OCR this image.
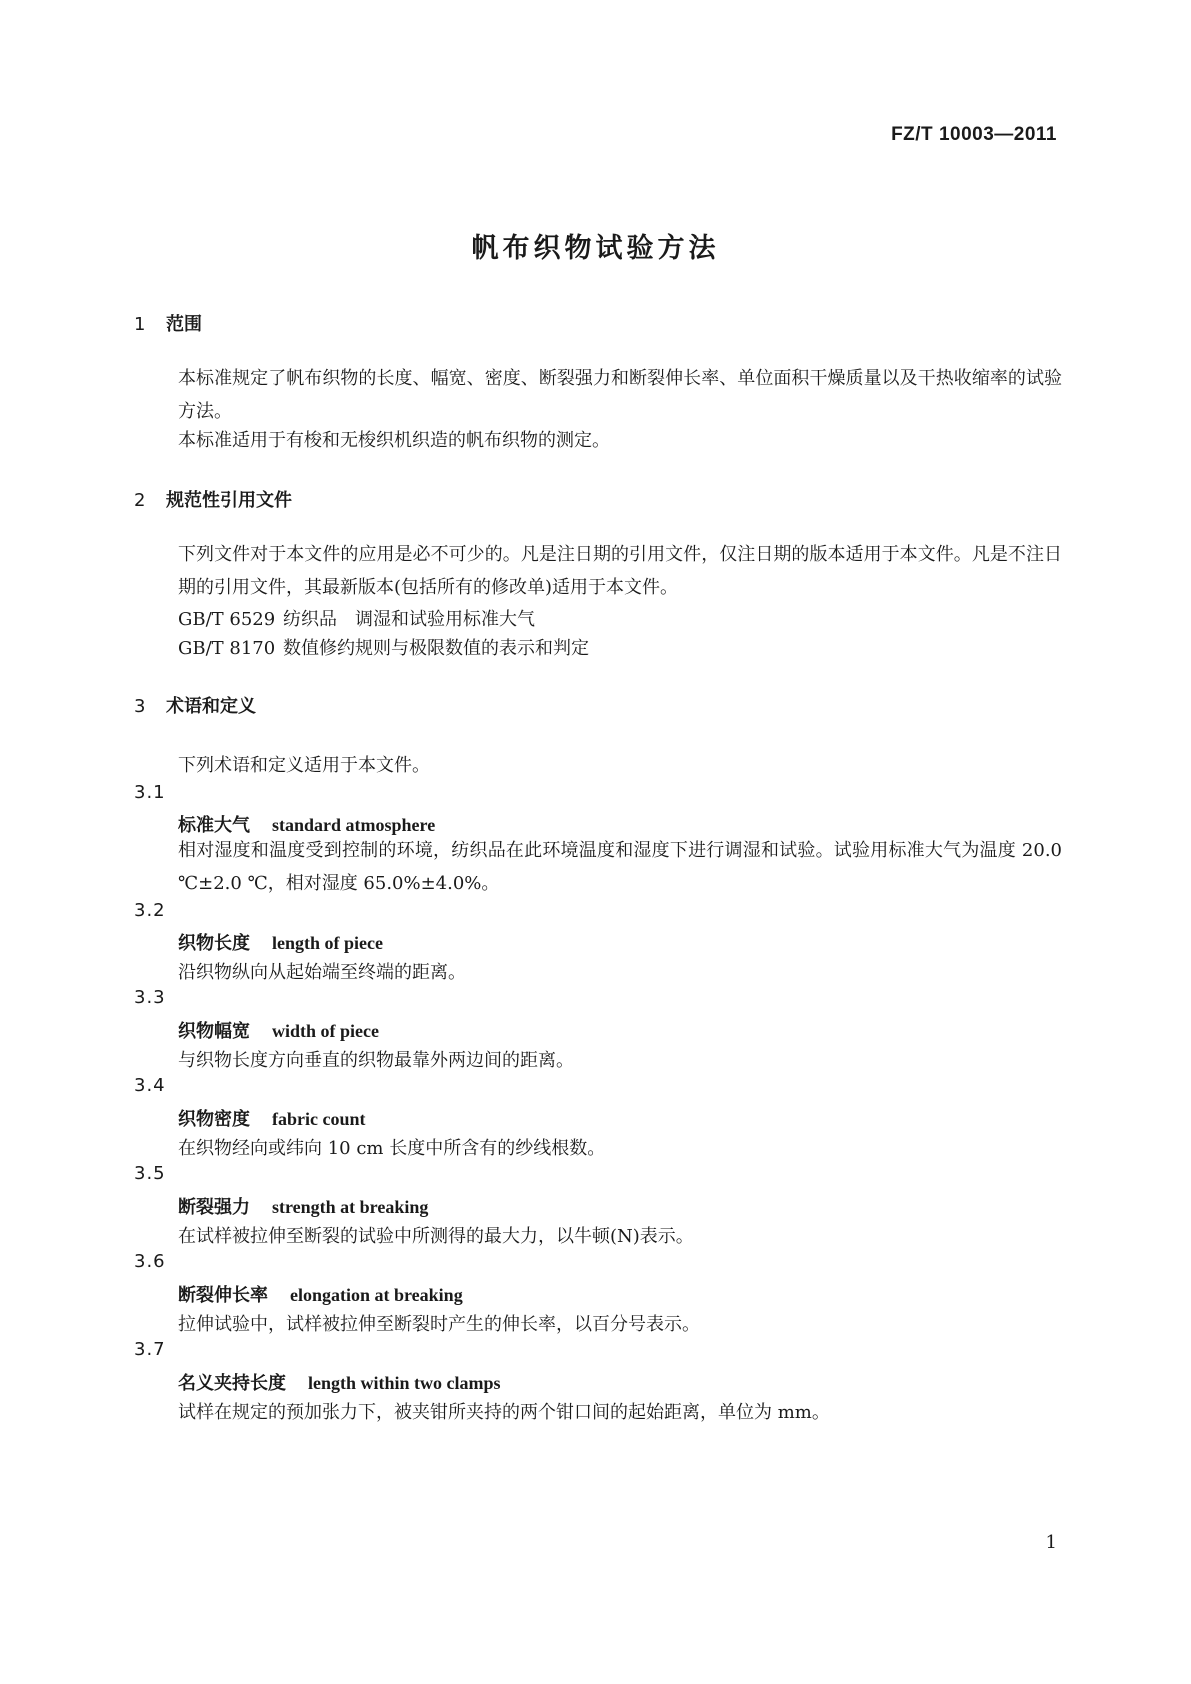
FZ/T 10003—2011
帆布织物试验方法
1 范围
本标准规定了帆布织物的长度、幅宽、密度、断裂强力和断裂伸长率、单位面积干燥质量以及干热收缩率的试验方法。
本标准适用于有梭和无梭织机织造的帆布织物的测定。
2 规范性引用文件
下列文件对于本文件的应用是必不可少的。凡是注日期的引用文件，仅注日期的版本适用于本文件。凡是不注日期的引用文件，其最新版本(包括所有的修改单)适用于本文件。
GB/T 6529 纺织品　调湿和试验用标准大气
GB/T 8170 数值修约规则与极限数值的表示和判定
3 术语和定义
下列术语和定义适用于本文件。
3.1
标准大气 standard atmosphere
相对湿度和温度受到控制的环境，纺织品在此环境温度和湿度下进行调湿和试验。试验用标准大气为温度 20.0 ℃±2.0 ℃，相对湿度 65.0%±4.0%。
3.2
织物长度 length of piece
沿织物纵向从起始端至终端的距离。
3.3
织物幅宽 width of piece
与织物长度方向垂直的织物最靠外两边间的距离。
3.4
织物密度 fabric count
在织物经向或纬向 10 cm 长度中所含有的纱线根数。
3.5
断裂强力 strength at breaking
在试样被拉伸至断裂的试验中所测得的最大力，以牛顿(N)表示。
3.6
断裂伸长率 elongation at breaking
拉伸试验中，试样被拉伸至断裂时产生的伸长率，以百分号表示。
3.7
名义夹持长度 length within two clamps
试样在规定的预加张力下，被夹钳所夹持的两个钳口间的起始距离，单位为 mm。
1
